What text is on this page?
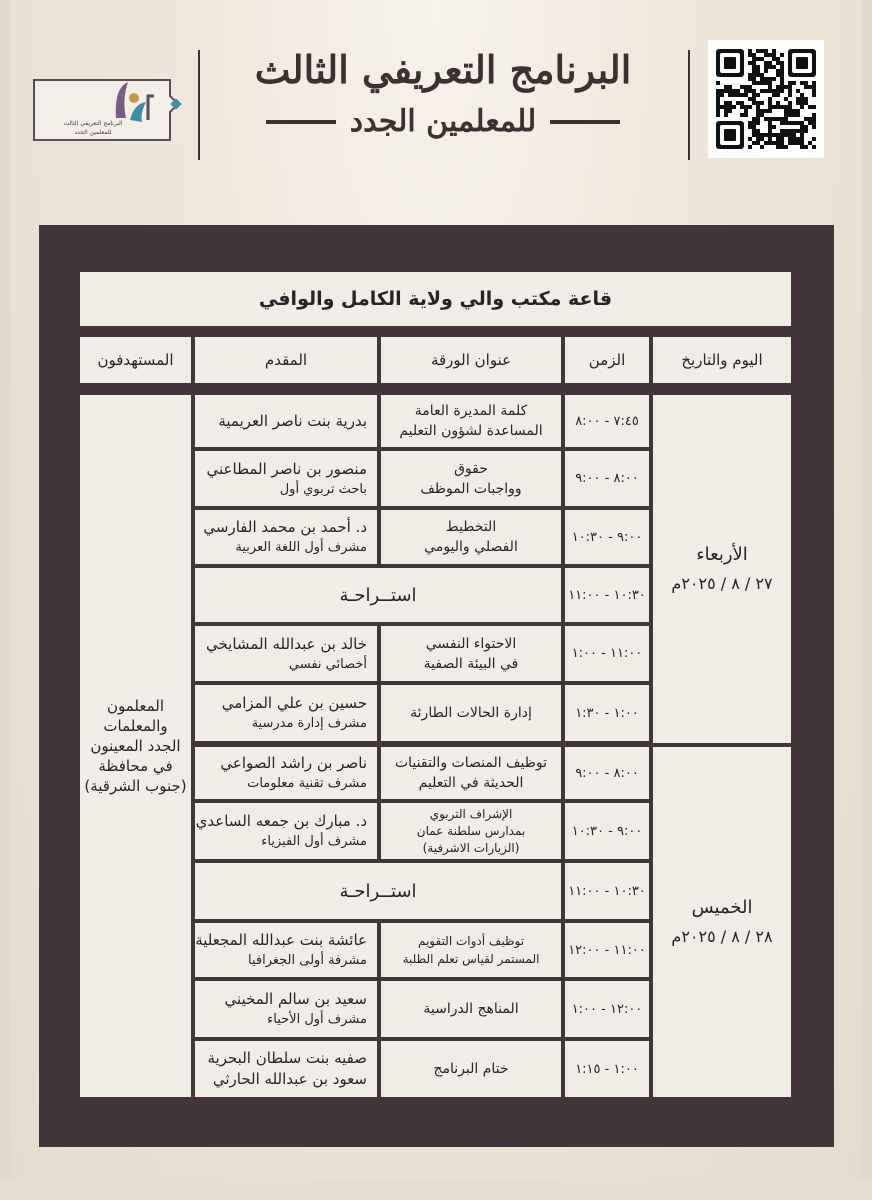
البرنامج التعريفي الثالث
للمعلمين الجدد
البرنامج التعريفي الثالث
للمعلمين الجدد
قاعة مكتب والي ولاية الكامل والوافي
اليوم والتاريخ
الزمن
عنوان الورقة
المقدم
المستهدفون
الأربعاء
٢٧ / ٨ / ٢٠٢٥م
الخميس
٢٨ / ٨ / ٢٠٢٥م
المعلمون
والمعلمات
الجدد المعينون
في محافظة
(جنوب الشرقية)
٧:٤٥ - ٨:٠٠
كلمة المديرة العامة
المساعدة لشؤون التعليم
بدرية بنت ناصر العريمية
٨:٠٠ - ٩:٠٠
حقوق
وواجبات الموظف
منصور بن ناصر المطاعني
باحث تربوي أول
٩:٠٠ - ١٠:٣٠
التخطيط
الفصلي واليومي
د. أحمد بن محمد الفارسي
مشرف أول اللغة العربية
١٠:٣٠ - ١١:٠٠
استــراحـة
١١:٠٠ - ١:٠٠
الاحتواء النفسي
في البيئة الصفية
خالد بن عبدالله المشايخي
أخصائي نفسي
١:٠٠ - ١:٣٠
إدارة الحالات الطارئة
حسين بن علي المزامي
مشرف إدارة مدرسية
٨:٠٠ - ٩:٠٠
توظيف المنصات والتقنيات
الحديثة في التعليم
ناصر بن راشد الصواعي
مشرف تقنية معلومات
٩:٠٠ - ١٠:٣٠
الإشراف التربوي
بمدارس سلطنة عمان
(الزيارات الاشرفية)
د. مبارك بن جمعه الساعدي
مشرف أول الفيزياء
١٠:٣٠ - ١١:٠٠
استــراحـة
١١:٠٠ - ١٢:٠٠
توظيف أدوات التقويم
المستمر لقياس تعلم الطلبة
عائشة بنت عبدالله المجعلية
مشرفة أولى الجغرافيا
١٢:٠٠ - ١:٠٠
المناهج الدراسية
سعيد بن سالم المخيني
مشرف أول الأحياء
١:٠٠ - ١:١٥
ختام البرنامج
صفيه بنت سلطان البحرية
سعود بن عبدالله الحارثي
